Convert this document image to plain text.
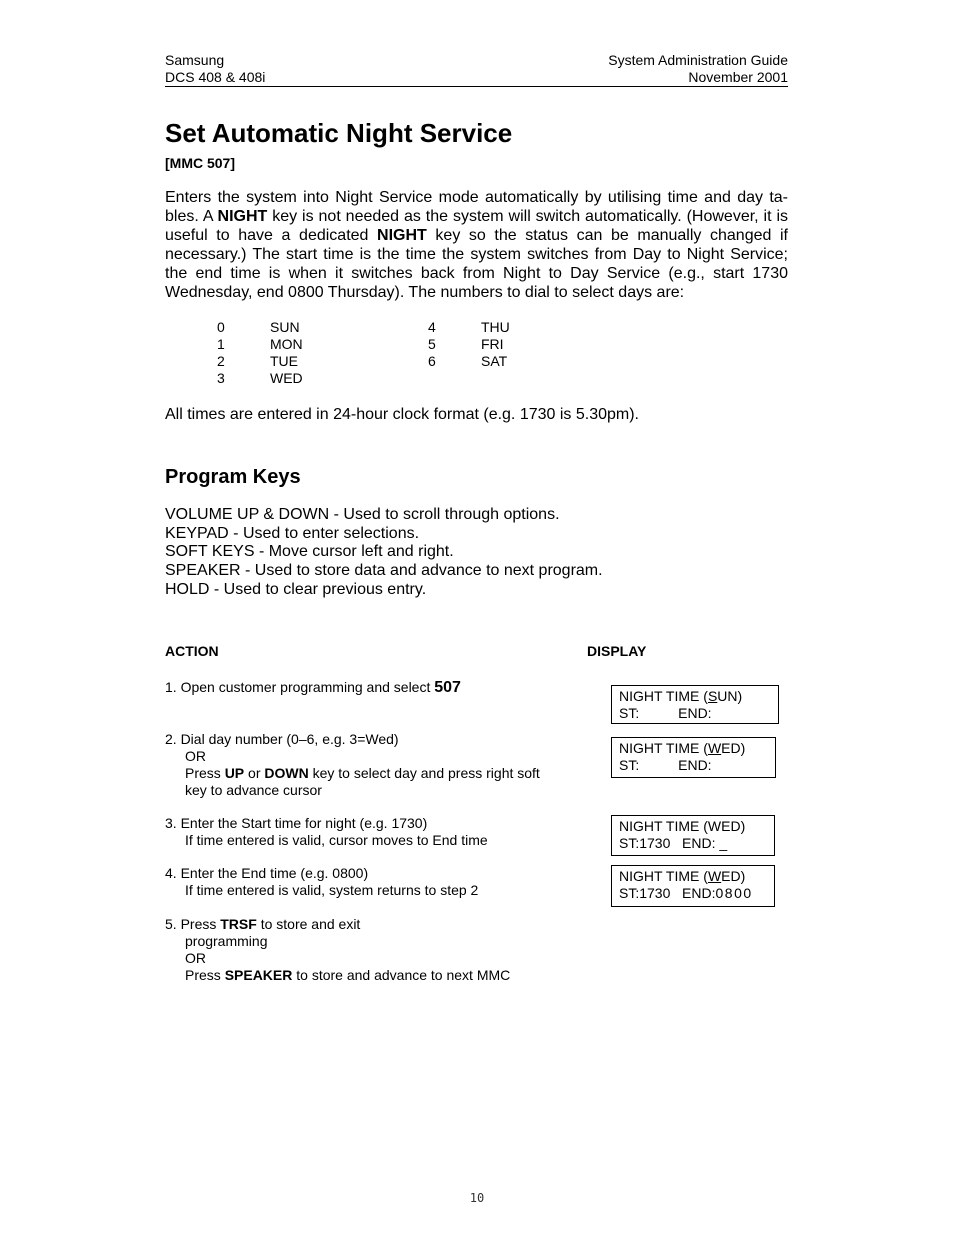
Samsung
DCS 408 & 408i
System Administration Guide
November 2001
Set Automatic Night Service
[MMC 507]

Enters the system into Night Service mode automatically by utilising time and day ta-bles. A NIGHT key is not needed as the system will switch automatically. (However, it is useful to have a dedicated NIGHT key so the status can be manually changed if necessary.) The start time is the time the system switches from Day to Night Service; the end time is when it switches back from Night to Day Service (e.g., start 1730 Wednesday, end 0800 Thursday). The numbers to dial to select days are:

0	SUN
1	MON
2	TUE
3	WED
4	THU
5	FRI
6	SAT
All times are entered in 24-hour clock format (e.g. 1730 is 5.30pm).
Program Keys
VOLUME UP & DOWN - Used to scroll through options.
KEYPAD - Used to enter selections.
SOFT KEYS - Move cursor left and right.
SPEAKER - Used to store data and advance to next program.
HOLD - Used to clear previous entry.
ACTION	DISPLAY
1. Open customer programming and select 507
2. Dial day number (0–6, e.g. 3=Wed)
OR
Press UP or DOWN key to select day and press right soft
key to advance cursor
3. Enter the Start time for night (e.g. 1730)
If time entered is valid, cursor moves to End time
4. Enter the End time (e.g. 0800)
If time entered is valid, system returns to step 2
5. Press TRSF to store and exit
programming
OR
Press SPEAKER to store and advance to next MMC
NIGHT TIME (SUN)
ST:          END:
NIGHT TIME (WED)
ST:          END:
NIGHT TIME (WED)
ST:1730   END: _
NIGHT TIME (WED)
ST:1730   END:0800
10
